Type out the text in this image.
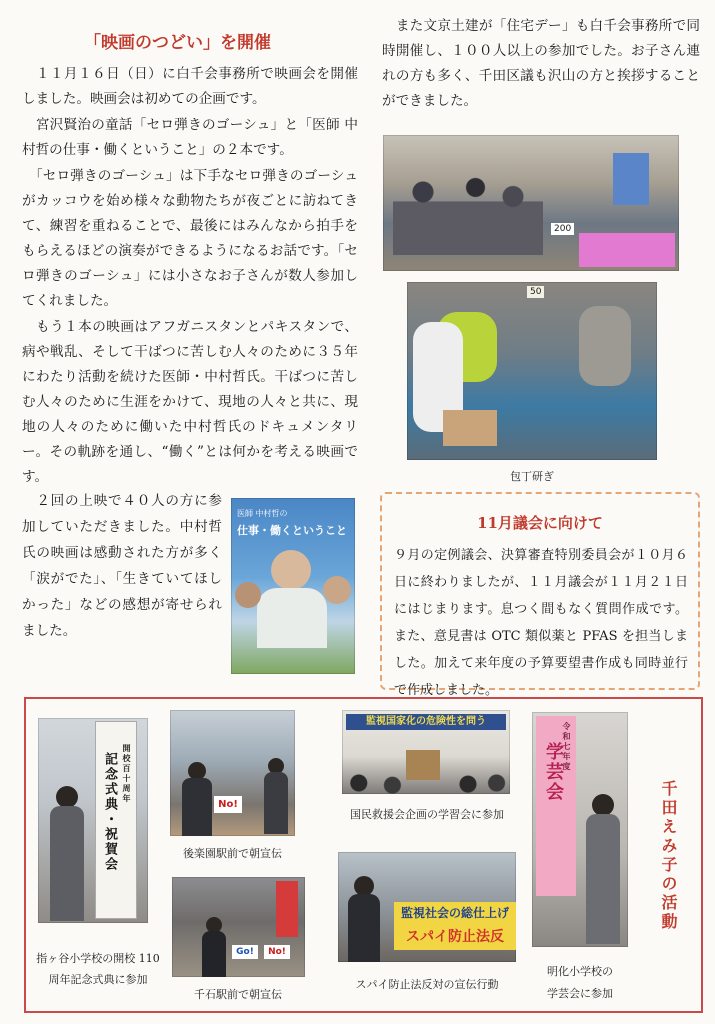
「映画のつどい」を開催

　１１月１６日（日）に白千会事務所で映画会を開催しました。映画会は初めての企画です。

　宮沢賢治の童話「セロ弾きのゴーシュ」と「医師 中村哲の仕事・働くということ」の２本です。

　「セロ弾きのゴーシュ」は下手なセロ弾きのゴーシュがカッコウを始め様々な動物たちが夜ごとに訪ねてきて、練習を重ねることで、最後にはみんなから拍手をもらえるほどの演奏ができるようになるお話です。「セロ弾きのゴーシュ」には小さなお子さんが数人参加してくれました。

　もう１本の映画はアフガニスタンとパキスタンで、病や戦乱、そして干ばつに苦しむ人々のために３５年にわたり活動を続けた医師・中村哲氏。干ばつに苦しむ人々のために生涯をかけて、現地の人々と共に、現地の人々のために働いた中村哲氏のドキュメンタリー。その軌跡を通し、“働く”とは何かを考える映画です。

　２回の上映で４０人の方に参加していただきました。中村哲氏の映画は感動された方が多く「涙がでた」、「生きていてほしかった」などの感想が寄せられました。

医師 中村哲の
仕事・働くということ

　また文京土建が「住宅デー」も白千会事務所で同時開催し、１００人以上の参加でした。お子さん連れの方も多く、千田区議も沢山の方と挨拶することができました。

200
50
包丁研ぎ
11月議会に向けて

９月の定例議会、決算審査特別委員会が１０月６日に終わりましたが、１１月議会が１１月２１日にはじまります。息つく間もなく質問作成です。また、意見書は OTC 類似薬と PFAS を担当しました。加えて来年度の予算要望書作成も同時並行で作成しました。

千田えみ子の活動
開校百十周年
記念式典・祝賀会
指ヶ谷小学校の開校 110
周年記念式典に参加
No!
後楽園駅前で朝宣伝
Go!	No!
千石駅前で朝宣伝
監視国家化の危険性を問う
国民救援会企画の学習会に参加
監視社会の総仕上げ
スパイ防止法反
スパイ防止法反対の宣伝行動
令和七年度
学芸会
明化小学校の
学芸会に参加
